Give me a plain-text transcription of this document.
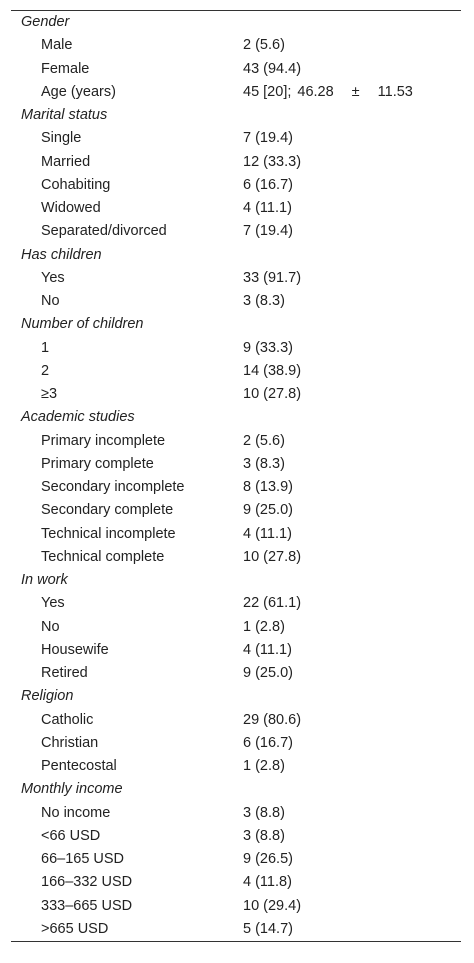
Gender
Male	2 (5.6)
Female	43 (94.4)
Age (years)	45 [20]; 46.28 ± 11.53
Marital status
Single	7 (19.4)
Married	12 (33.3)
Cohabiting	6 (16.7)
Widowed	4 (11.1)
Separated/divorced	7 (19.4)
Has children
Yes	33 (91.7)
No	3 (8.3)
Number of children
1	9 (33.3)
2	14 (38.9)
≥3	10 (27.8)
Academic studies
Primary incomplete	2 (5.6)
Primary complete	3 (8.3)
Secondary incomplete	8 (13.9)
Secondary complete	9 (25.0)
Technical incomplete	4 (11.1)
Technical complete	10 (27.8)
In work
Yes	22 (61.1)
No	1 (2.8)
Housewife	4 (11.1)
Retired	9 (25.0)
Religion
Catholic	29 (80.6)
Christian	6 (16.7)
Pentecostal	1 (2.8)
Monthly income
No income	3 (8.8)
<66 USD	3 (8.8)
66–165 USD	9 (26.5)
166–332 USD	4 (11.8)
333–665 USD	10 (29.4)
>665 USD	5 (14.7)
